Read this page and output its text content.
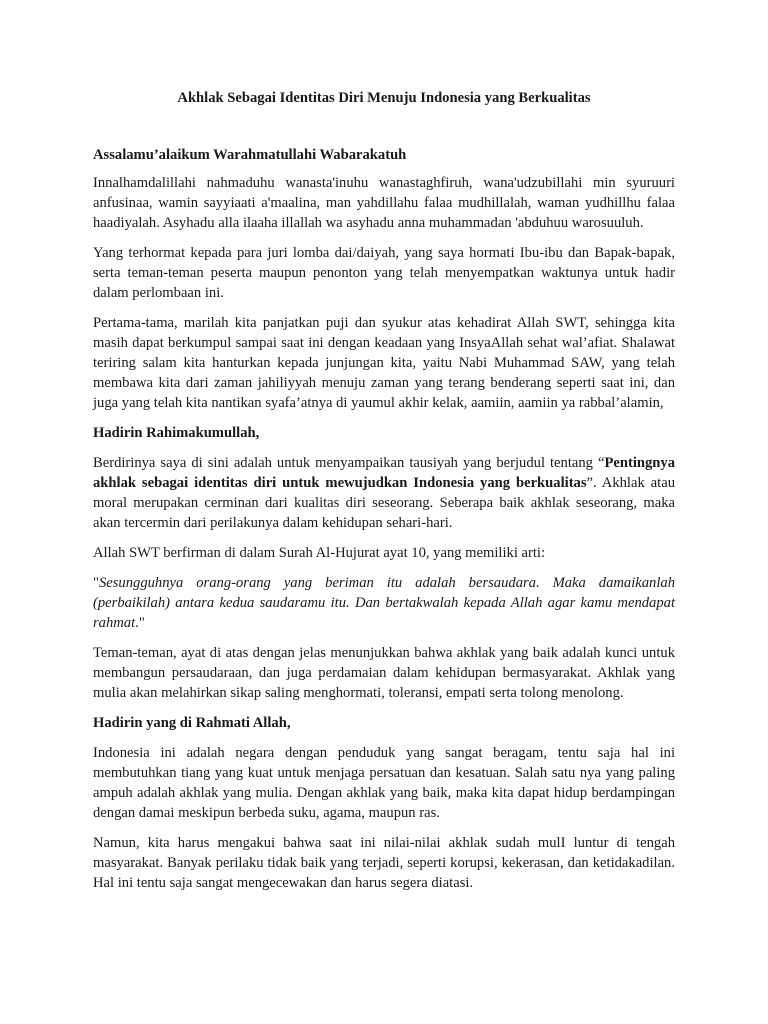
Akhlak Sebagai Identitas Diri Menuju Indonesia yang Berkualitas
Assalamu’alaikum Warahmatullahi Wabarakatuh

Innalhamdalillahi nahmaduhu wanasta'inuhu wanastaghfiruh, wana'udzubillahi min syuruuri anfusinaa, wamin sayyiaati a'maalina, man yahdillahu falaa mudhillalah, waman yudhillhu falaa haadiyalah. Asyhadu alla ilaaha illallah wa asyhadu anna muhammadan 'abduhuu warosuuluh.

Yang terhormat kepada para juri lomba dai/daiyah, yang saya hormati Ibu-ibu dan Bapak-bapak, serta teman-teman peserta maupun penonton yang telah menyempatkan waktunya untuk hadir dalam perlombaan ini.

Pertama-tama, marilah kita panjatkan puji dan syukur atas kehadirat Allah SWT, sehingga kita masih dapat berkumpul sampai saat ini dengan keadaan yang InsyaAllah sehat wal’afiat. Shalawat teriring salam kita hanturkan kepada junjungan kita, yaitu Nabi Muhammad SAW, yang telah membawa kita dari zaman jahiliyyah menuju zaman yang terang benderang seperti saat ini, dan juga yang telah kita nantikan syafa’atnya di yaumul akhir kelak, aamiin, aamiin ya rabbal’alamin,

Hadirin Rahimakumullah,

Berdirinya saya di sini adalah untuk menyampaikan tausiyah yang berjudul tentang “Pentingnya akhlak sebagai identitas diri untuk mewujudkan Indonesia yang berkualitas”. Akhlak atau moral merupakan cerminan dari kualitas diri seseorang. Seberapa baik akhlak seseorang, maka akan tercermin dari perilakunya dalam kehidupan sehari-hari.

Allah SWT berfirman di dalam Surah Al-Hujurat ayat 10, yang memiliki arti:

"Sesungguhnya orang-orang yang beriman itu adalah bersaudara. Maka damaikanlah (perbaikilah) antara kedua saudaramu itu. Dan bertakwalah kepada Allah agar kamu mendapat rahmat."

Teman-teman, ayat di atas dengan jelas menunjukkan bahwa akhlak yang baik adalah kunci untuk membangun persaudaraan, dan juga perdamaian dalam kehidupan bermasyarakat. Akhlak yang mulia akan melahirkan sikap saling menghormati, toleransi, empati serta tolong menolong.

Hadirin yang di Rahmati Allah,

Indonesia ini adalah negara dengan penduduk yang sangat beragam, tentu saja hal ini membutuhkan tiang yang kuat untuk menjaga persatuan dan kesatuan. Salah satu nya yang paling ampuh adalah akhlak yang mulia. Dengan akhlak yang baik, maka kita dapat hidup berdampingan dengan damai meskipun berbeda suku, agama, maupun ras.

Namun, kita harus mengakui bahwa saat ini nilai-nilai akhlak sudah mulI luntur di tengah masyarakat. Banyak perilaku tidak baik yang terjadi, seperti korupsi, kekerasan, dan ketidakadilan. Hal ini tentu saja sangat mengecewakan dan harus segera diatasi.
